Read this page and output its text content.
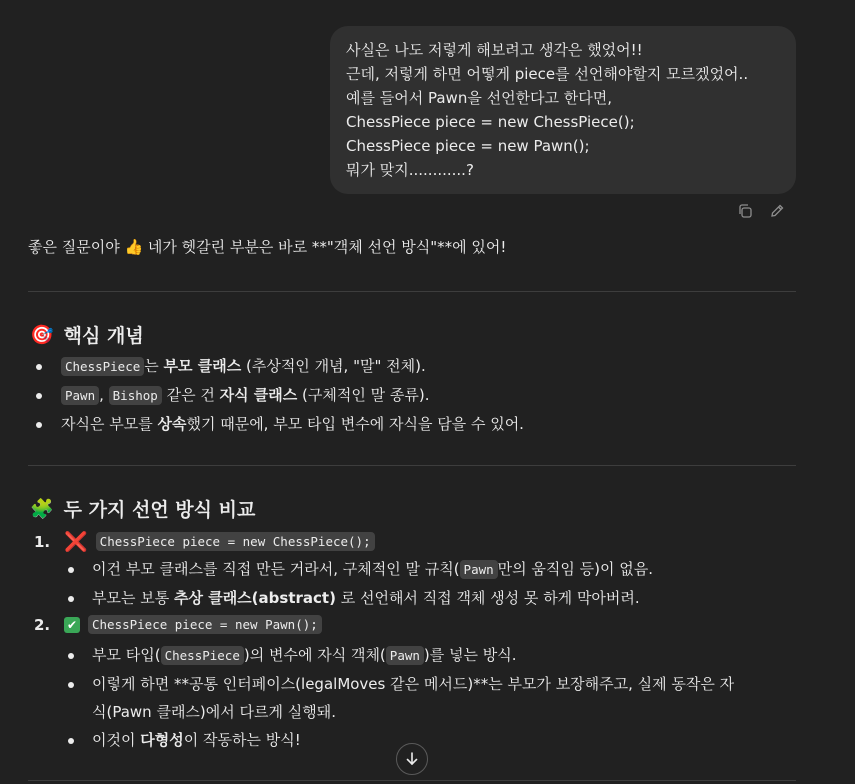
사실은 나도 저렇게 해보려고 생각은 했었어!!
근데, 저렇게 하면 어떻게 piece를 선언해야할지 모르겠었어..
예를 들어서 Pawn을 선언한다고 한다면,
ChessPiece piece = new ChessPiece();
ChessPiece piece = new Pawn();
뭐가 맞지............?
좋은 질문이야 👍 네가 헷갈린 부분은 바로 **"객체 선언 방식"**에 있어!
🎯 핵심 개념
ChessPiece 는 부모 클래스 (추상적인 개념, "말" 전체).
Pawn , Bishop 같은 건 자식 클래스 (구체적인 말 종류).
자식은 부모를 상속했기 때문에, 부모 타입 변수에 자식을 담을 수 있어.
🧩 두 가지 선언 방식 비교
1. ❌ ChessPiece piece = new ChessPiece();
이건 부모 클래스를 직접 만든 거라서, 구체적인 말 규칙( Pawn 만의 움직임 등)이 없음.
부모는 보통 추상 클래스(abstract) 로 선언해서 직접 객체 생성 못 하게 막아버려.
2.	✔	ChessPiece piece = new Pawn();
부모 타입( ChessPiece )의 변수에 자식 객체( Pawn )를 넣는 방식.
이렇게 하면 **공통 인터페이스(legalMoves 같은 메서드)**는 부모가 보장해주고, 실제 동작은 자
식(Pawn 클래스)에서 다르게 실행돼.
이것이 다형성이 작동하는 방식!
